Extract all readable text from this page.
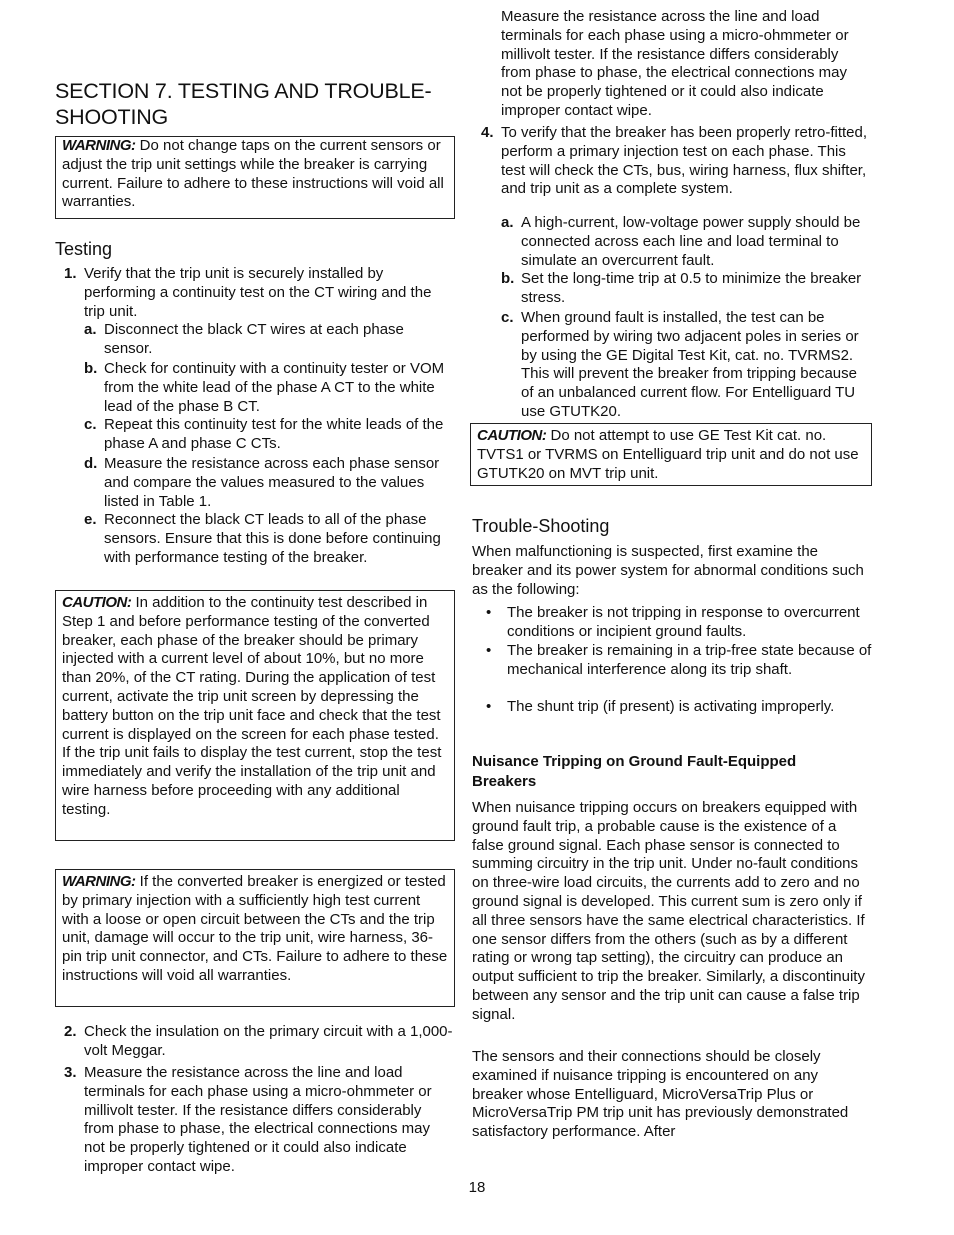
SECTION 7. TESTING AND TROUBLE-SHOOTING
WARNING: Do not change taps on the current sensors or adjust the trip unit settings while the breaker is carrying current. Failure to adhere to these instructions will void all warranties.
Testing
1. Verify that the trip unit is securely installed by performing a continuity test on the CT wiring and the trip unit.
a. Disconnect the black CT wires at each phase sensor.
b. Check for continuity with a continuity tester or VOM from the white lead of the phase A CT to the white lead of the phase B CT.
c. Repeat this continuity test for the white leads of the phase A and phase C CTs.
d. Measure the resistance across each phase sensor and compare the values measured to the values listed in Table 1.
e. Reconnect the black CT leads to all of the phase sensors. Ensure that this is done before continuing with performance testing of the breaker.
CAUTION: In addition to the continuity test described in Step 1 and before performance testing of the converted breaker, each phase of the breaker should be primary injected with a current level of about 10%, but no more than 20%, of the CT rating. During the application of test current, activate the trip unit screen by depressing the battery button on the trip unit face and check that the test current is displayed on the screen for each phase tested. If the trip unit fails to display the test current, stop the test immediately and verify the installation of the trip unit and wire harness before proceeding with any additional testing.
WARNING: If the converted breaker is energized or tested by primary injection with a sufficiently high test current with a loose or open circuit between the CTs and the trip unit, damage will occur to the trip unit, wire harness, 36-pin trip unit connector, and CTs. Failure to adhere to these instructions will void all warranties.
2. Check the insulation on the primary circuit with a 1,000-volt Meggar.
3. Measure the resistance across the line and load terminals for each phase using a micro-ohmmeter or millivolt tester. If the resistance differs considerably from phase to phase, the electrical connections may not be properly tightened or it could also indicate improper contact wipe.
Measure the resistance across the line and load terminals for each phase using a micro-ohmmeter or millivolt tester. If the resistance differs considerably from phase to phase, the electrical connections may not be properly tightened or it could also indicate improper contact wipe.
4. To verify that the breaker has been properly retro-fitted, perform a primary injection test on each phase. This test will check the CTs, bus, wiring harness, flux shifter, and trip unit as a complete system.
a. A high-current, low-voltage power supply should be connected across each line and load terminal to simulate an overcurrent fault.
b. Set the long-time trip at 0.5 to minimize the breaker stress.
c. When ground fault is installed, the test can be performed by wiring two adjacent poles in series or by using the GE Digital Test Kit, cat. no. TVRMS2. This will prevent the breaker from tripping because of an unbalanced current flow. For Entelliguard TU use GTUTK20.
CAUTION: Do not attempt to use GE Test Kit cat. no. TVTS1 or TVRMS on Entelliguard trip unit and do not use GTUTK20 on MVT trip unit.
Trouble-Shooting
When malfunctioning is suspected, first examine the breaker and its power system for abnormal conditions such as the following:
• The breaker is not tripping in response to overcurrent conditions or incipient ground faults.
• The breaker is remaining in a trip-free state because of mechanical interference along its trip shaft.
• The shunt trip (if present) is activating improperly.
Nuisance Tripping on Ground Fault-Equipped Breakers
When nuisance tripping occurs on breakers equipped with ground fault trip, a probable cause is the existence of a false ground signal. Each phase sensor is connected to summing circuitry in the trip unit. Under no-fault conditions on three-wire load circuits, the currents add to zero and no ground signal is developed. This current sum is zero only if all three sensors have the same electrical characteristics. If one sensor differs from the others (such as by a different rating or wrong tap setting), the circuitry can produce an output sufficient to trip the breaker. Similarly, a discontinuity between any sensor and the trip unit can cause a false trip signal.
The sensors and their connections should be closely examined if nuisance tripping is encountered on any breaker whose Entelliguard, MicroVersaTrip Plus or MicroVersaTrip PM trip unit has previously demonstrated satisfactory performance. After
18
